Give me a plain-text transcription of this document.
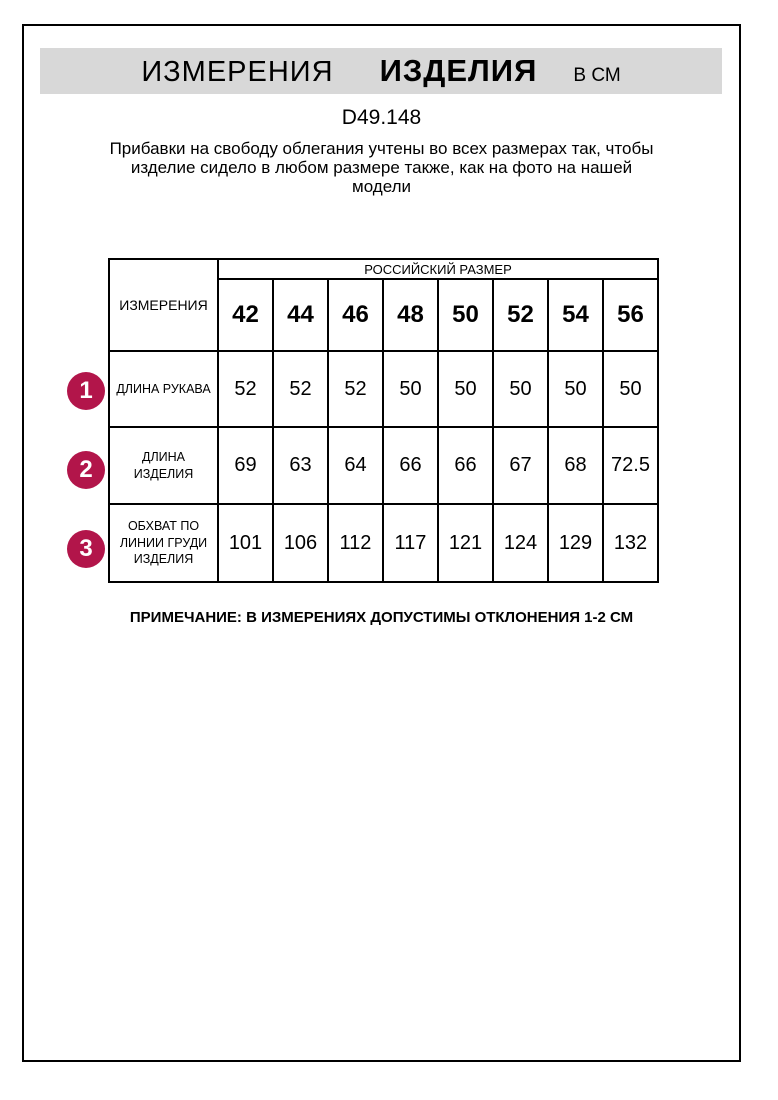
ИЗМЕРЕНИЯ ИЗДЕЛИЯ В СМ
D49.148
Прибавки на свободу облегания учтены во всех размерах так, чтобы
изделие сидело в любом размере также, как на фото на нашей
модели
ИЗМЕРЕНИЯ	РОССИЙСКИЙ РАЗМЕР							
	42	44	46	48	50	52	54	56
ДЛИНА РУКАВА	52	52	52	50	50	50	50	50
ДЛИНА ИЗДЕЛИЯ	69	63	64	66	66	67	68	72.5
ОБХВАТ ПО ЛИНИИ ГРУДИ ИЗДЕЛИЯ	101	106	112	117	121	124	129	132
1
2
3
ПРИМЕЧАНИЕ: В ИЗМЕРЕНИЯХ ДОПУСТИМЫ ОТКЛОНЕНИЯ 1-2 СМ
